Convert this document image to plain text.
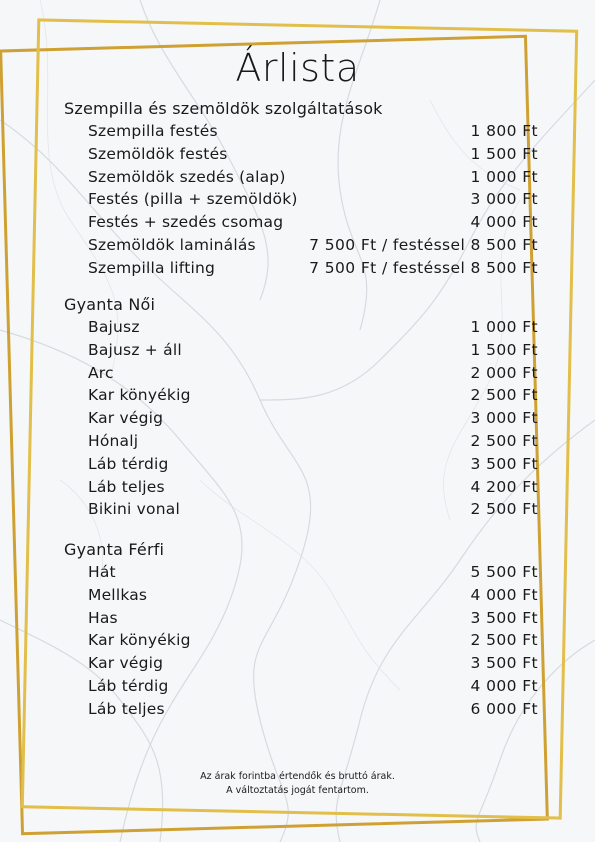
Árlista
Szempilla és szemöldök szolgáltatások
Szempilla festés	1 800 Ft
Szemöldök festés	1 500 Ft
Szemöldök szedés (alap)	1 000 Ft
Festés (pilla + szemöldök)	3 000 Ft
Festés + szedés csomag	4 000 Ft
Szemöldök laminálás	7 500 Ft / festéssel 8 500 Ft
Szempilla lifting	7 500 Ft / festéssel 8 500 Ft
Gyanta Női
Bajusz	1 000 Ft
Bajusz + áll	1 500 Ft
Arc	2 000 Ft
Kar könyékig	2 500 Ft
Kar végig	3 000 Ft
Hónalj	2 500 Ft
Láb térdig	3 500 Ft
Láb teljes	4 200 Ft
Bikini vonal	2 500 Ft
Gyanta Férfi
Hát	5 500 Ft
Mellkas	4 000 Ft
Has	3 500 Ft
Kar könyékig	2 500 Ft
Kar végig	3 500 Ft
Láb térdig	4 000 Ft
Láb teljes	6 000 Ft
Az árak forintba értendők és bruttó árak.
A változtatás jogát fentartom.
